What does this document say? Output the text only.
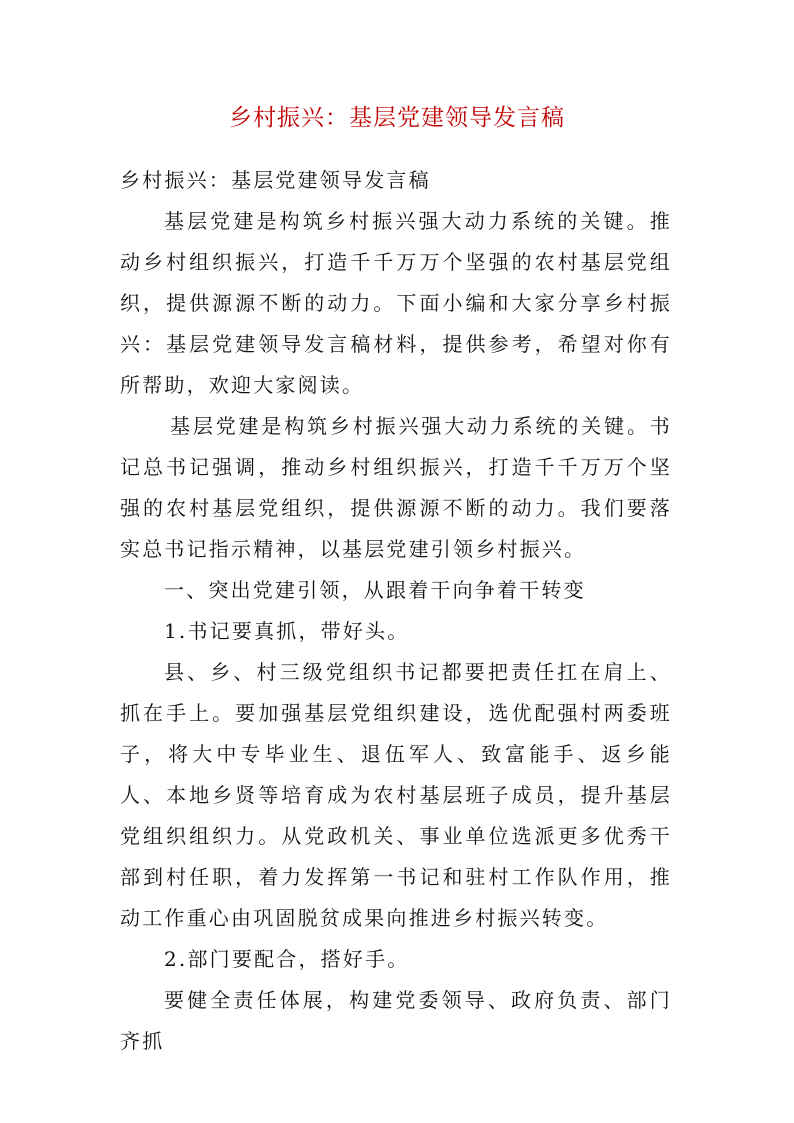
乡村振兴：基层党建领导发言稿

乡村振兴：基层党建领导发言稿

基层党建是构筑乡村振兴强大动力系统的关键。推动乡村组织振兴，打造千千万万个坚强的农村基层党组织，提供源源不断的动力。下面小编和大家分享乡村振兴：基层党建领导发言稿材料，提供参考，希望对你有所帮助，欢迎大家阅读。

基层党建是构筑乡村振兴强大动力系统的关键。书记总书记强调，推动乡村组织振兴，打造千千万万个坚强的农村基层党组织，提供源源不断的动力。我们要落实总书记指示精神，以基层党建引领乡村振兴。

一、突出党建引领，从跟着干向争着干转变

1.书记要真抓，带好头。

县、乡、村三级党组织书记都要把责任扛在肩上、抓在手上。要加强基层党组织建设，选优配强村两委班子，将大中专毕业生、退伍军人、致富能手、返乡能人、本地乡贤等培育成为农村基层班子成员，提升基层党组织组织力。从党政机关、事业单位选派更多优秀干部到村任职，着力发挥第一书记和驻村工作队作用，推动工作重心由巩固脱贫成果向推进乡村振兴转变。

2.部门要配合，搭好手。

要健全责任体展，构建党委领导、政府负责、部门齐抓
